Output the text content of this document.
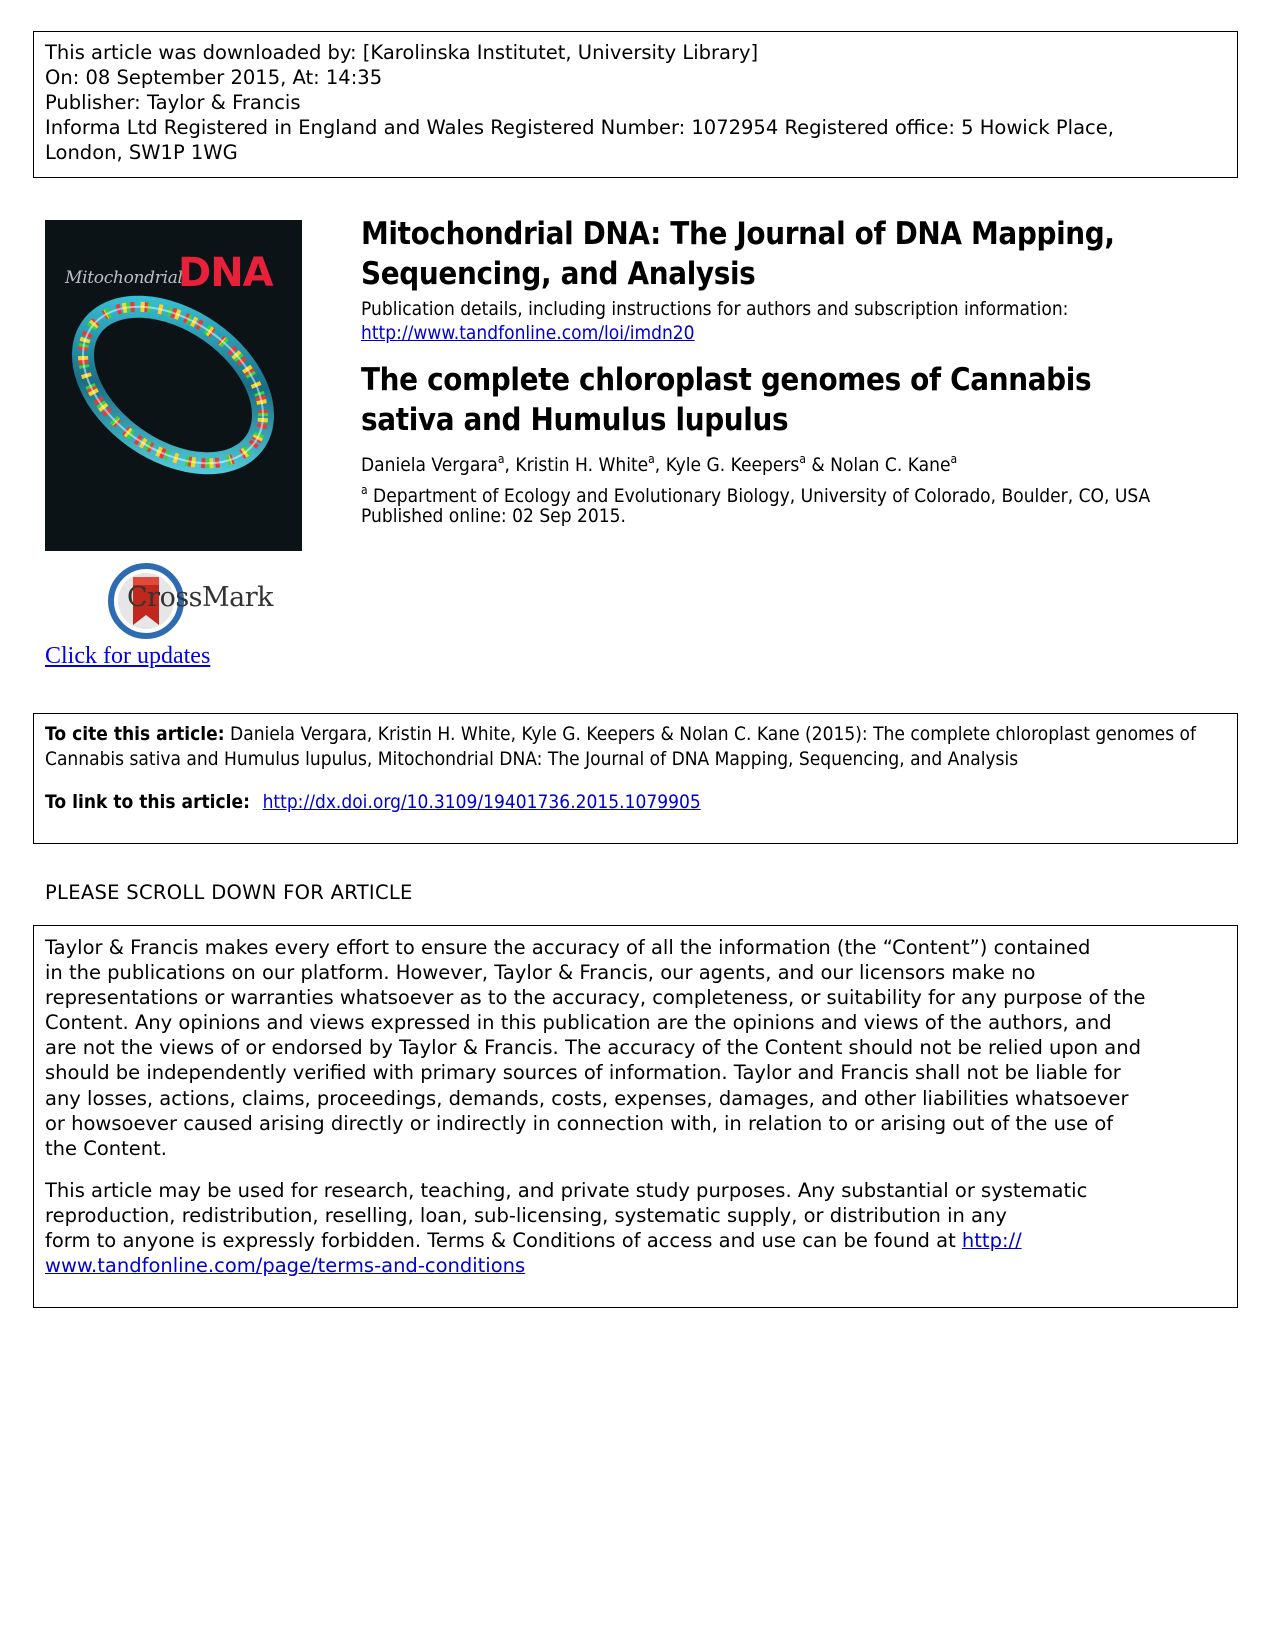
This article was downloaded by: [Karolinska Institutet, University Library]
On: 08 September 2015, At: 14:35
Publisher: Taylor & Francis
Informa Ltd Registered in England and Wales Registered Number: 1072954 Registered office: 5 Howick Place,
London, SW1P 1WG
Mitochondrial
DNA
CrossMark
Click for updates
Mitochondrial DNA: The Journal of DNA Mapping, Sequencing, and Analysis
Publication details, including instructions for authors and subscription information:
http://www.tandfonline.com/loi/imdn20
The complete chloroplast genomes of Cannabis sativa and Humulus lupulus
Daniela Vergara$^a$, Kristin H. White$^a$, Kyle G. Keepers$^a$ & Nolan C. Kane$^a$
$^a$ Department of Ecology and Evolutionary Biology, University of Colorado, Boulder, CO, USA
Published online: 02 Sep 2015.
To cite this article: Daniela Vergara, Kristin H. White, Kyle G. Keepers & Nolan C. Kane (2015): The complete chloroplast genomes of Cannabis sativa and Humulus lupulus, Mitochondrial DNA: The Journal of DNA Mapping, Sequencing, and Analysis
To link to this article: http://dx.doi.org/10.3109/19401736.2015.1079905
PLEASE SCROLL DOWN FOR ARTICLE
Taylor & Francis makes every effort to ensure the accuracy of all the information (the “Content”) contained
in the publications on our platform. However, Taylor & Francis, our agents, and our licensors make no
representations or warranties whatsoever as to the accuracy, completeness, or suitability for any purpose of the
Content. Any opinions and views expressed in this publication are the opinions and views of the authors, and
are not the views of or endorsed by Taylor & Francis. The accuracy of the Content should not be relied upon and
should be independently verified with primary sources of information. Taylor and Francis shall not be liable for
any losses, actions, claims, proceedings, demands, costs, expenses, damages, and other liabilities whatsoever
or howsoever caused arising directly or indirectly in connection with, in relation to or arising out of the use of
the Content.
This article may be used for research, teaching, and private study purposes. Any substantial or systematic
reproduction, redistribution, reselling, loan, sub-licensing, systematic supply, or distribution in any
form to anyone is expressly forbidden. Terms & Conditions of access and use can be found at http://
www.tandfonline.com/page/terms-and-conditions
